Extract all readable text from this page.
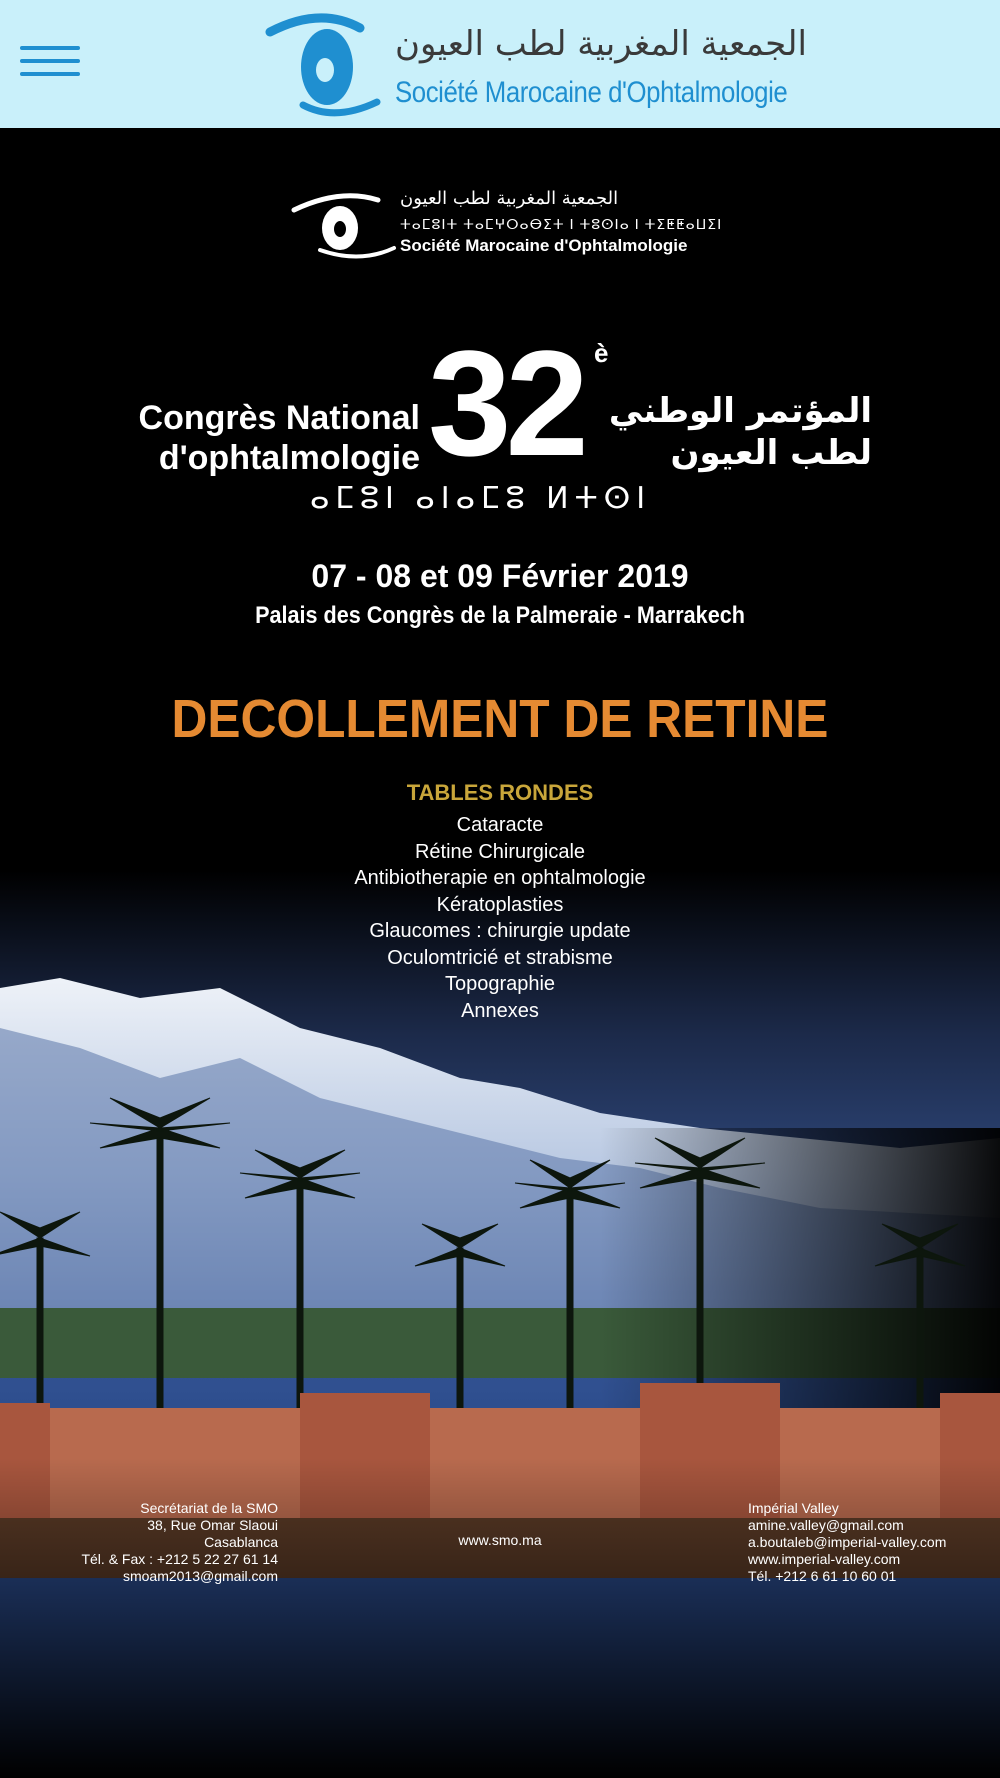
الجمعية المغربية لطب العيون
Société Marocaine d'Ophtalmologie
الجمعية المغربية لطب العيون
ⵜⴰⵎⵓⵏⵜ ⵜⴰⵎⵖⵔⴰⴱⵉⵜ ⵏ ⵜⵓⵙⵏⴰ ⵏ ⵜⵉⵟⵟⴰⵡⵉⵏ
Société Marocaine d'Ophtalmologie
Congrès National
d'ophtalmologie 32 è
المؤتمر الوطني
لطب العيون
ⴰⵎⵓⵏ ⴰⵏⴰⵎⵓ ⵍⵜⵙⵏ
07 - 08 et 09 Février 2019
Palais des Congrès de la Palmeraie - Marrakech
DECOLLEMENT DE RETINE
TABLES RONDES
Cataracte
Rétine Chirurgicale
Antibiotherapie en ophtalmologie
Kératoplasties
Glaucomes : chirurgie update
Oculomtricié et strabisme
Topographie
Annexes
Secrétariat de la SMO
38, Rue Omar Slaoui
Casablanca
Tél. & Fax : +212 5 22 27 61 14
smoam2013@gmail.com
www.smo.ma
Impérial Valley
amine.valley@gmail.com
a.boutaleb@imperial-valley.com
www.imperial-valley.com
Tél. +212 6 61 10 60 01
